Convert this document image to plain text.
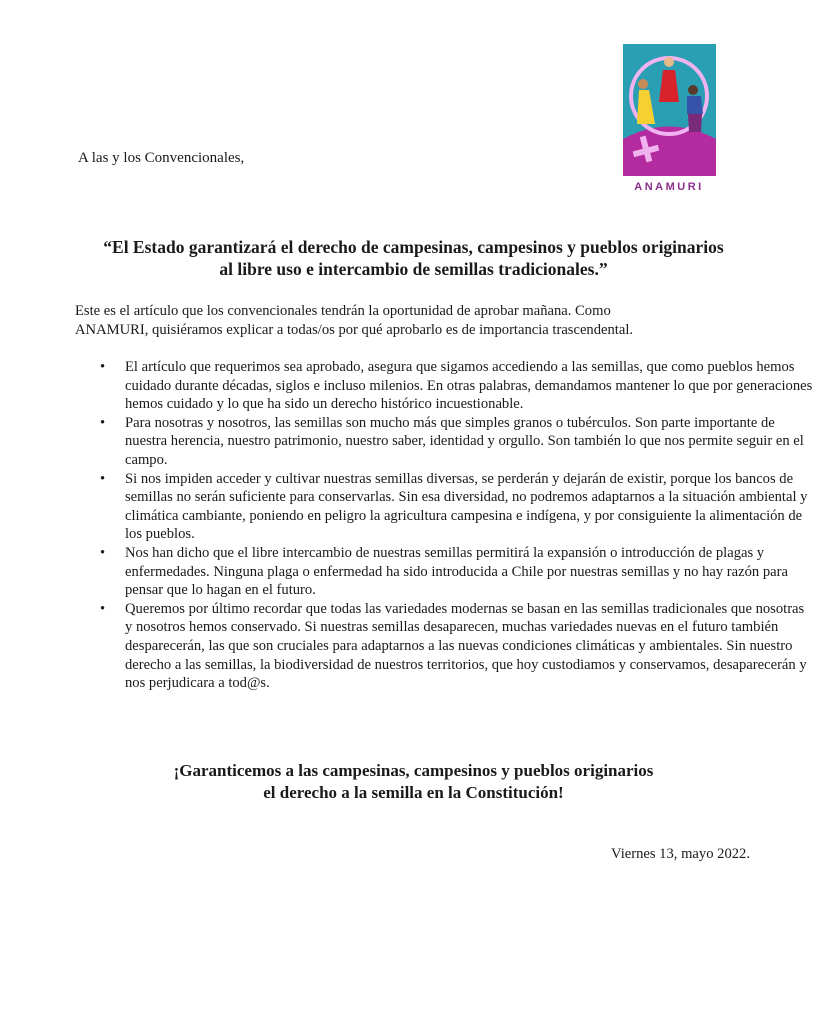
ANAMURI
A las y los Convencionales,
“El Estado garantizará el derecho de campesinas, campesinos y pueblos originarios
al libre uso e intercambio de semillas tradicionales.”
Este es el artículo que los convencionales tendrán la oportunidad de aprobar mañana. Como
ANAMURI, quisiéramos explicar a todas/os por qué aprobarlo es de importancia trascendental.
• El artículo que requerimos sea aprobado, asegura que sigamos accediendo a las semillas, que como pueblos hemos cuidado durante décadas, siglos e incluso milenios. En otras palabras, demandamos mantener lo que por generaciones hemos cuidado y lo que ha sido un derecho histórico incuestionable.
• Para nosotras y nosotros, las semillas son mucho más que simples granos o tubérculos. Son parte importante de nuestra herencia, nuestro patrimonio, nuestro saber, identidad y orgullo. Son también lo que nos permite seguir en el campo.
• Si nos impiden acceder y cultivar nuestras semillas diversas, se perderán y dejarán de existir, porque los bancos de semillas no serán suficiente para conservarlas. Sin esa diversidad, no podremos adaptarnos a la situación ambiental y climática cambiante, poniendo en peligro la agricultura campesina e indígena, y por consiguiente la alimentación de los pueblos.
• Nos han dicho que el libre intercambio de nuestras semillas permitirá la expansión o introducción de plagas y enfermedades. Ninguna plaga o enfermedad ha sido introducida a Chile por nuestras semillas y no hay razón para pensar que lo hagan en el futuro.
• Queremos por último recordar que todas las variedades modernas se basan en las semillas tradicionales que nosotras y nosotros hemos conservado. Si nuestras semillas desaparecen, muchas variedades nuevas en el futuro también desparecerán, las que son cruciales para adaptarnos a las nuevas condiciones climáticas y ambientales. Sin nuestro derecho a las semillas, la biodiversidad de nuestros territorios, que hoy custodiamos y conservamos, desaparecerán y nos perjudicara a tod@s.
¡Garanticemos a las campesinas, campesinos y pueblos originarios
el derecho a la semilla en la Constitución!
Viernes 13, mayo 2022.
